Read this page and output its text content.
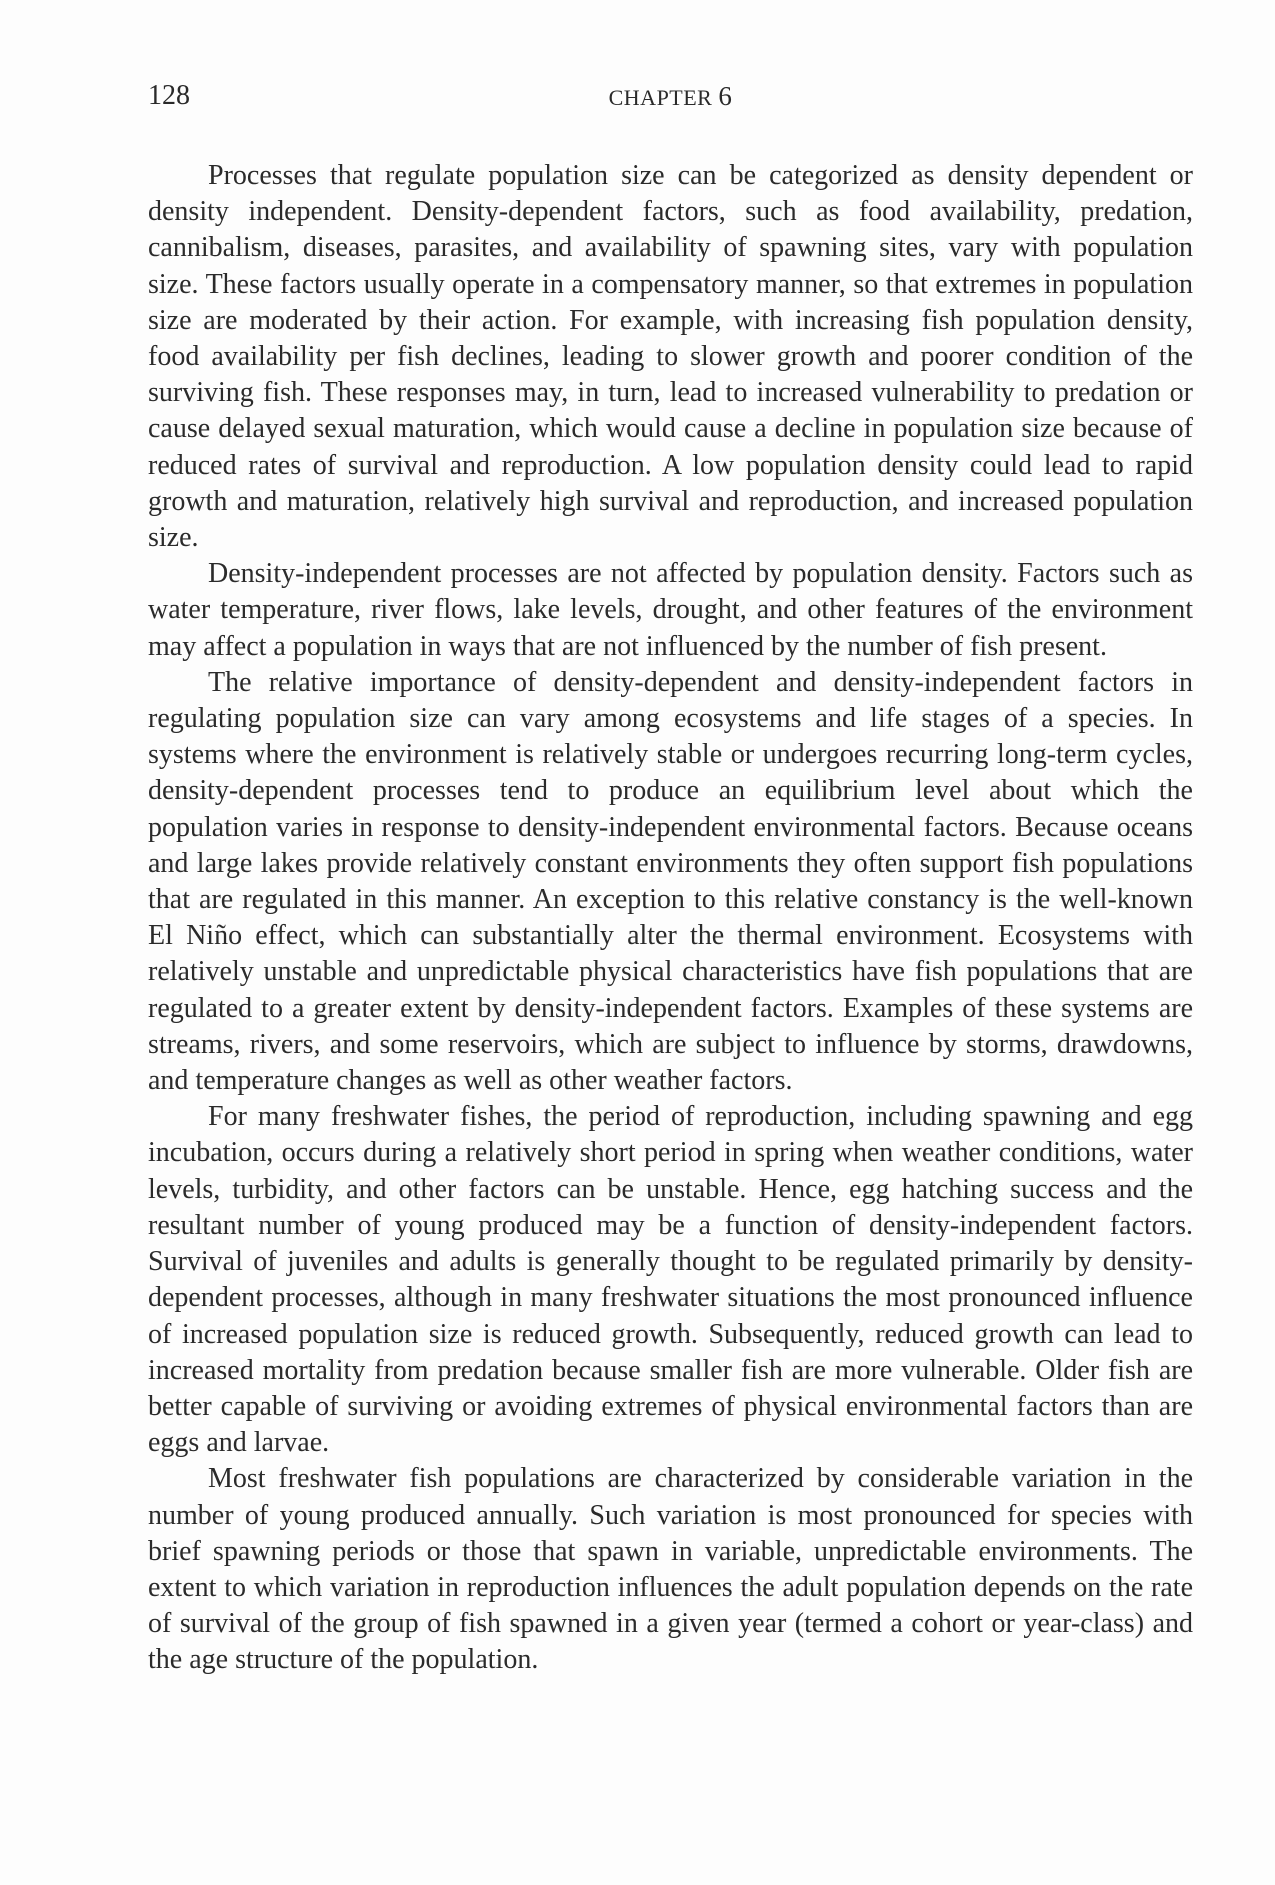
128	CHAPTER 6

Processes that regulate population size can be categorized as density dependent or density independent. Density-dependent factors, such as food availability, predation, cannibalism, diseases, parasites, and availability of spawning sites, vary with population size. These factors usually operate in a compensatory manner, so that extremes in population size are moderated by their action. For example, with increasing fish population density, food availability per fish declines, leading to slower growth and poorer condition of the surviving fish. These responses may, in turn, lead to increased vulnerability to predation or cause delayed sexual maturation, which would cause a decline in population size because of reduced rates of survival and reproduction. A low population density could lead to rapid growth and maturation, relatively high survival and reproduction, and increased population size.

Density-independent processes are not affected by population density. Factors such as water temperature, river flows, lake levels, drought, and other features of the environment may affect a population in ways that are not influenced by the number of fish present.

The relative importance of density-dependent and density-independent factors in regulating population size can vary among ecosystems and life stages of a species. In systems where the environment is relatively stable or undergoes recurring long-term cycles, density-dependent processes tend to produce an equilibrium level about which the population varies in response to density-independent environmental factors. Because oceans and large lakes provide relatively constant environments they often support fish populations that are regulated in this manner. An exception to this relative constancy is the well-known El Niño effect, which can substantially alter the thermal environment. Ecosystems with relatively unstable and unpredictable physical characteristics have fish populations that are regulated to a greater extent by density-independent factors. Examples of these systems are streams, rivers, and some reservoirs, which are subject to influence by storms, drawdowns, and temperature changes as well as other weather factors.

For many freshwater fishes, the period of reproduction, including spawning and egg incubation, occurs during a relatively short period in spring when weather conditions, water levels, turbidity, and other factors can be unstable. Hence, egg hatching success and the resultant number of young produced may be a function of density-independent factors. Survival of juveniles and adults is generally thought to be regulated primarily by density-dependent processes, although in many freshwater situations the most pronounced influence of increased population size is reduced growth. Subsequently, reduced growth can lead to increased mortality from predation because smaller fish are more vulnerable. Older fish are better capable of surviving or avoiding extremes of physical environmental factors than are eggs and larvae.

Most freshwater fish populations are characterized by considerable variation in the number of young produced annually. Such variation is most pronounced for species with brief spawning periods or those that spawn in variable, unpredictable environments. The extent to which variation in reproduction influences the adult population depends on the rate of survival of the group of fish spawned in a given year (termed a cohort or year-class) and the age structure of the population.
